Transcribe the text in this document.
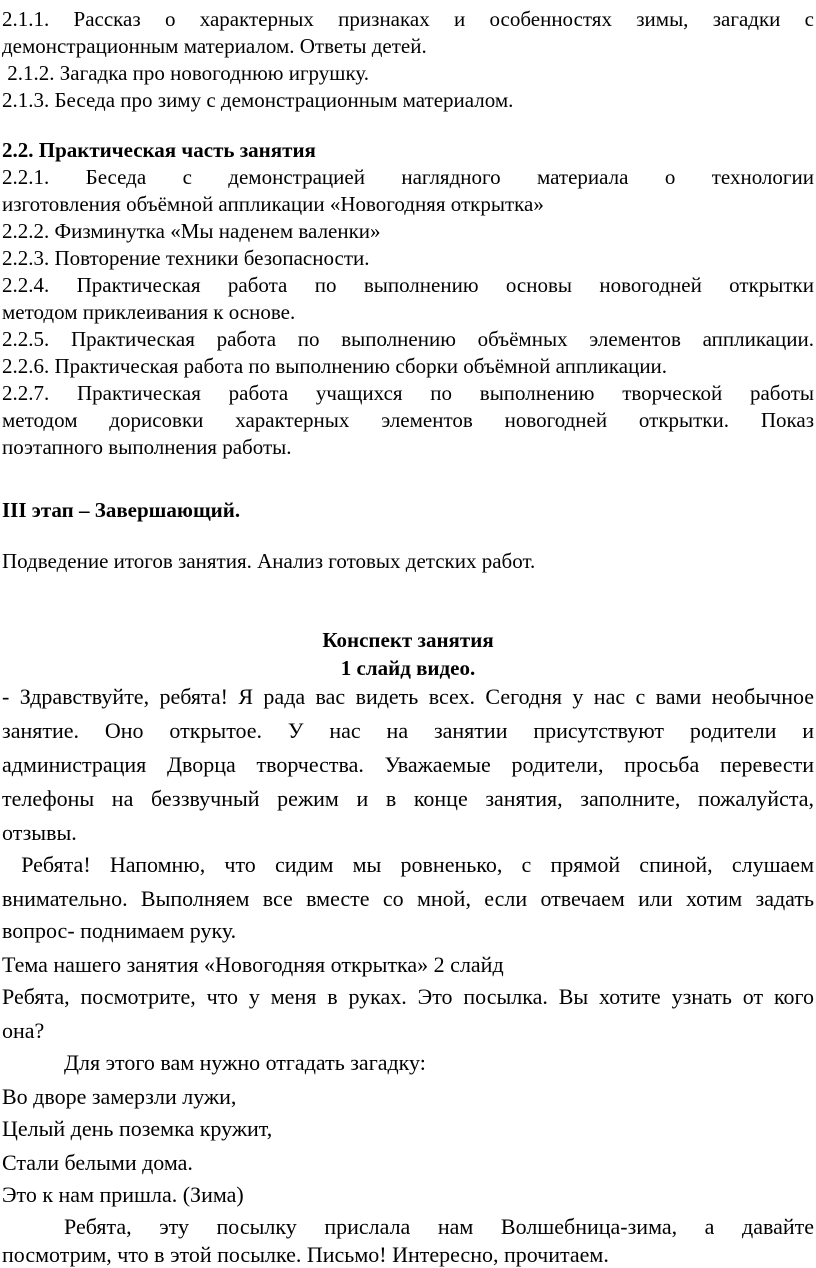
2.1.1. Рассказ о характерных признаках и особенностях зимы, загадки с
демонстрационным материалом. Ответы детей.
2.1.2. Загадка про новогоднюю игрушку.
2.1.3. Беседа про зиму с демонстрационным материалом.
2.2. Практическая часть занятия
2.2.1. Беседа с демонстрацией наглядного материала о технологии
изготовления объёмной аппликации «Новогодняя открытка»
2.2.2. Физминутка «Мы наденем валенки»
2.2.3. Повторение техники безопасности.
2.2.4. Практическая работа по выполнению основы новогодней открытки
методом приклеивания к основе.
2.2.5. Практическая работа по выполнению объёмных элементов аппликации.
2.2.6. Практическая работа по выполнению сборки объёмной аппликации.
2.2.7. Практическая работа учащихся по выполнению творческой работы
методом дорисовки характерных элементов новогодней открытки. Показ
поэтапного выполнения работы.
III этап – Завершающий.
Подведение итогов занятия. Анализ готовых детских работ.
Конспект занятия
1 слайд видео.
- Здравствуйте, ребята! Я рада вас видеть всех. Сегодня у нас с вами необычное
занятие. Оно открытое. У нас на занятии присутствуют родители и
администрация Дворца творчества. Уважаемые родители, просьба перевести
телефоны на беззвучный режим и в конце занятия, заполните, пожалуйста,
отзывы.
Ребята! Напомню, что сидим мы ровненько, с прямой спиной, слушаем
внимательно. Выполняем все вместе со мной, если отвечаем или хотим задать
вопрос- поднимаем руку.
Тема нашего занятия «Новогодняя открытка» 2 слайд
Ребята, посмотрите, что у меня в руках. Это посылка. Вы хотите узнать от кого
она?
Для этого вам нужно отгадать загадку:
Во дворе замерзли лужи,
Целый день поземка кружит,
Стали белыми дома.
Это к нам пришла. (Зима)
Ребята, эту посылку прислала нам Волшебница-зима, а давайте
посмотрим, что в этой посылке. Письмо! Интересно, прочитаем.
